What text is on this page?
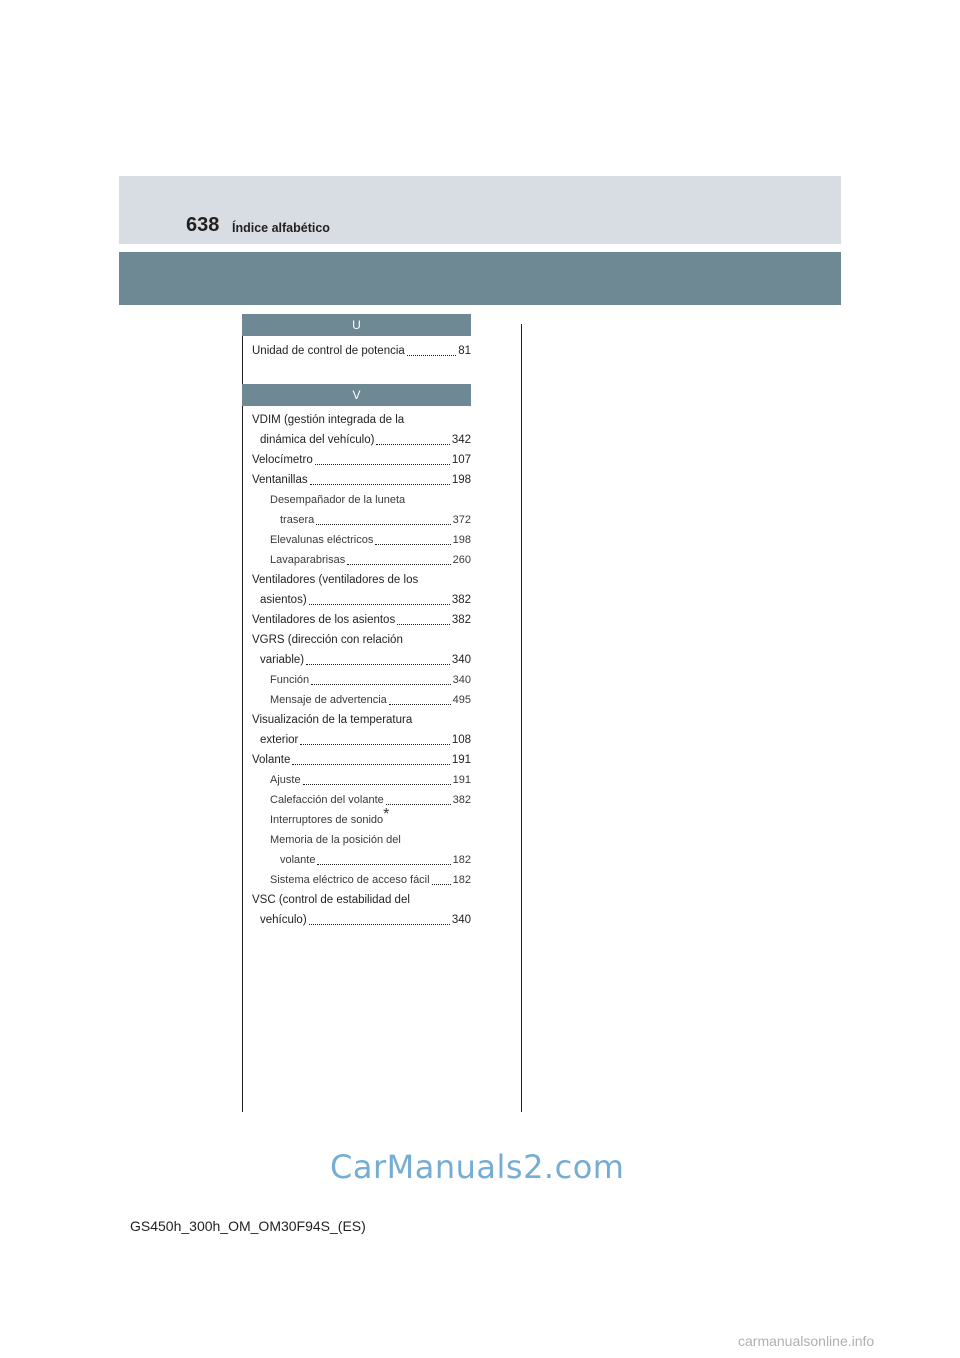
638 Índice alfabético
U
Unidad de control de potencia	81
V
VDIM (gestión integrada de la
dinámica del vehículo)	342
Velocímetro	107
Ventanillas	198
Desempañador de la luneta
trasera	372
Elevalunas eléctricos	198
Lavaparabrisas	260
Ventiladores (ventiladores de los
asientos)	382
Ventiladores de los asientos	382
VGRS (dirección con relación
variable)	340
Función	340
Mensaje de advertencia	495
Visualización de la temperatura
exterior	108
Volante	191
Ajuste	191
Calefacción del volante	382
Interruptores de sonido*
Memoria de la posición del
volante	182
Sistema eléctrico de acceso fácil 182
VSC (control de estabilidad del
vehículo)	340
CarManuals2.com
GS450h_300h_OM_OM30F94S_(ES)
carmanualsonline.info
